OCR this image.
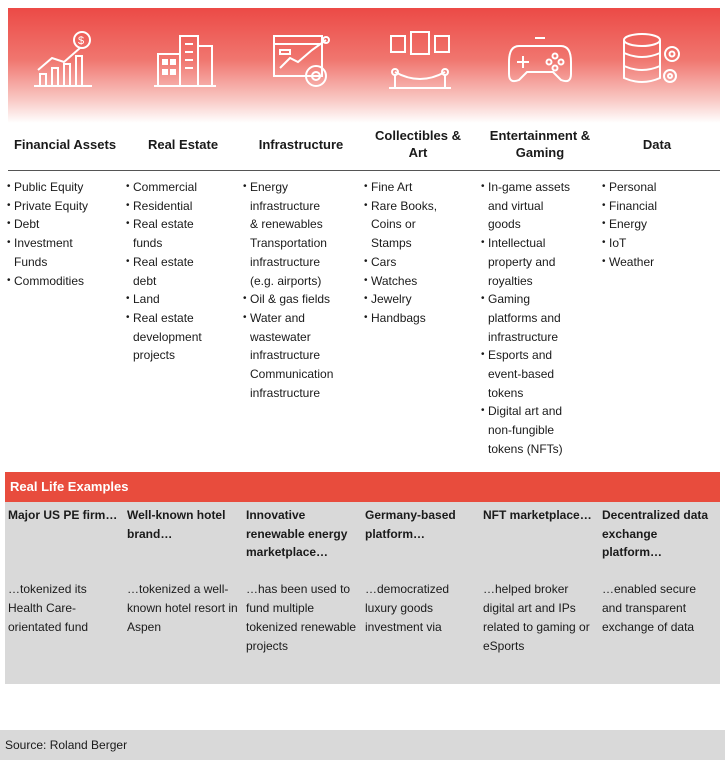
$
Financial Assets	Real Estate	Infrastructure
Collectibles & Art
Entertainment & Gaming
Data
• Public Equity
• Private Equity
• Debt
• Investment
Funds
• Commodities
• Commercial
• Residential
• Real estate
funds
• Real estate
debt
• Land
• Real estate
development
projects
• Energy
infrastructure
& renewables
Transportation
infrastructure
(e.g. airports)
• Oil & gas fields
• Water and
wastewater
infrastructure
Communication
infrastructure
• Fine Art
• Rare Books,
Coins or
Stamps
• Cars
• Watches
• Jewelry
• Handbags
• In-game assets
and virtual
goods
• Intellectual
property and
royalties
• Gaming
platforms and
infrastructure
• Esports and
event-based
tokens
• Digital art and
non-fungible
tokens (NFTs)
• Personal
• Financial
• Energy
• IoT
• Weather
Real Life Examples
Major US PE firm… Well-known hotel brand…
Innovative renewable energy marketplace…
Germany-based platform…
NFT marketplace… Decentralized data exchange platform…
…tokenized its Health Care-orientated fund
…tokenized a well-known hotel resort in Aspen
…has been used to fund multiple tokenized renewable projects
…democratized luxury goods investment via
…helped broker digital art and IPs related to gaming or eSports
…enabled secure and transparent exchange of data
Source: Roland Berger
